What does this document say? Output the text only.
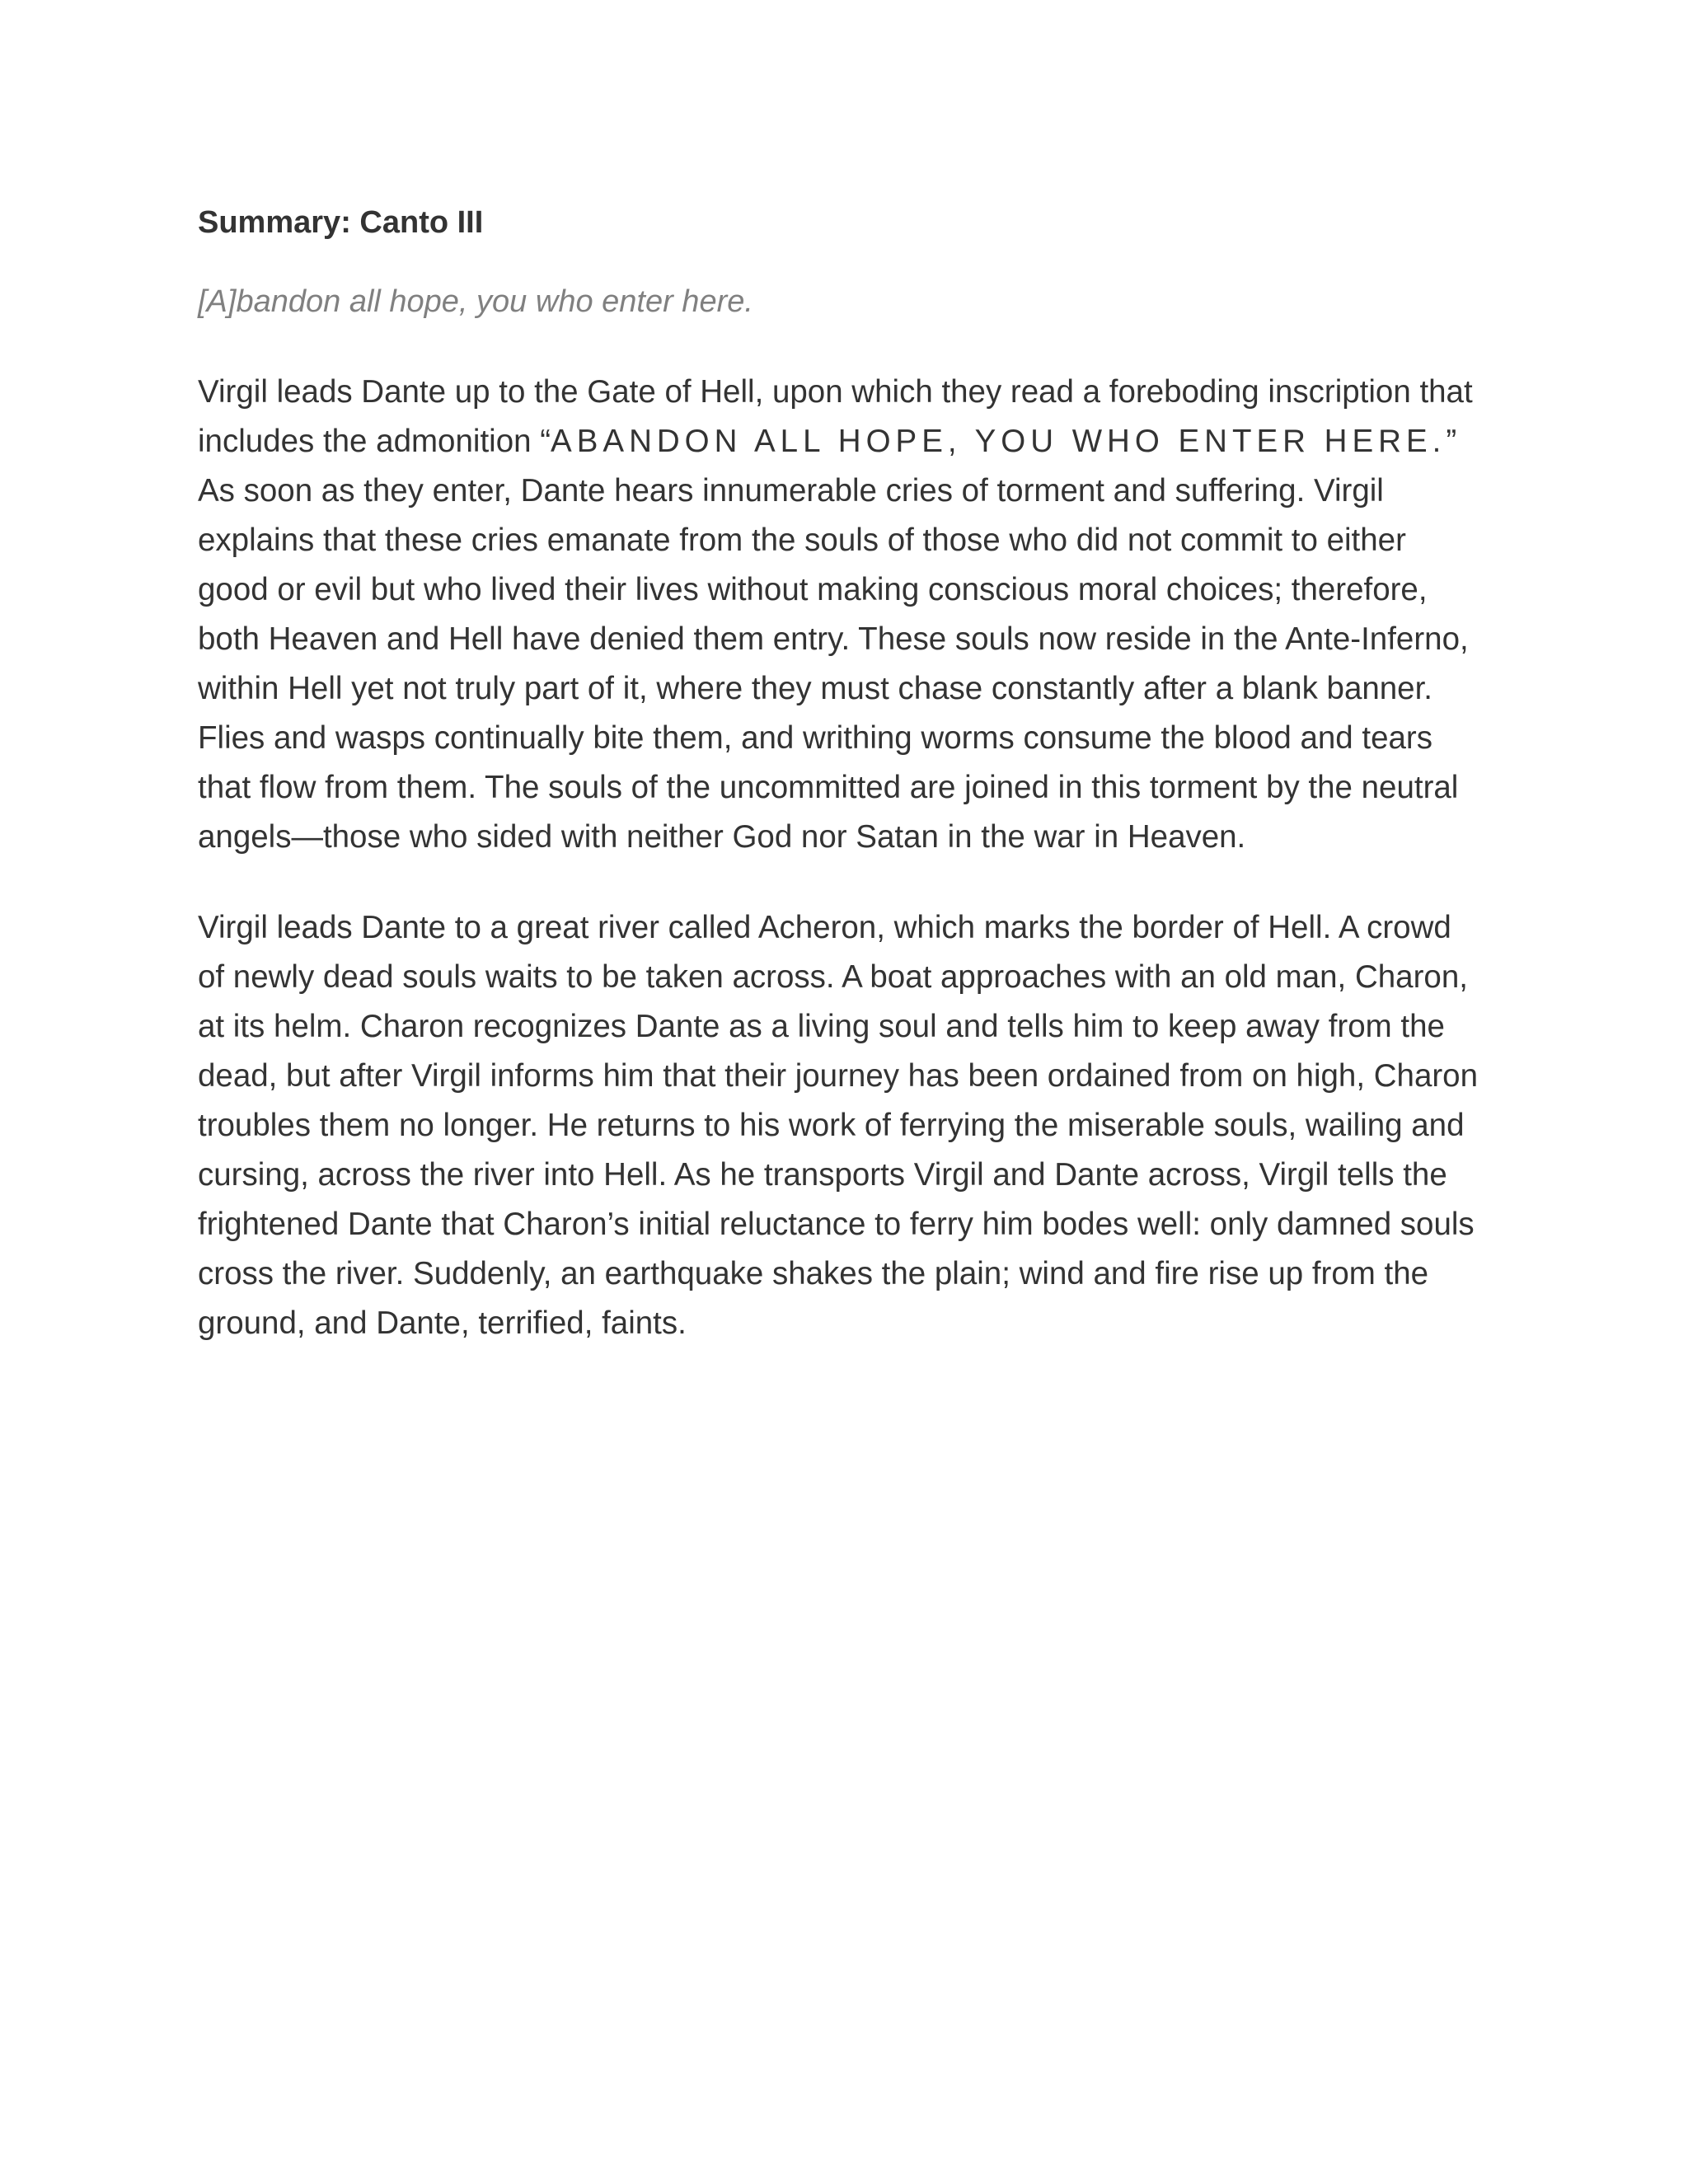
Summary: Canto III

[A]bandon all hope, you who enter here.

Virgil leads Dante up to the Gate of Hell, upon which they read a foreboding inscription that includes the admonition “ABANDON ALL HOPE, YOU WHO ENTER HERE.” As soon as they enter, Dante hears innumerable cries of torment and suffering. Virgil explains that these cries emanate from the souls of those who did not commit to either good or evil but who lived their lives without making conscious moral choices; therefore, both Heaven and Hell have denied them entry. These souls now reside in the Ante-Inferno, within Hell yet not truly part of it, where they must chase constantly after a blank banner. Flies and wasps continually bite them, and writhing worms consume the blood and tears that flow from them. The souls of the uncommitted are joined in this torment by the neutral angels—those who sided with neither God nor Satan in the war in Heaven.

Virgil leads Dante to a great river called Acheron, which marks the border of Hell. A crowd of newly dead souls waits to be taken across. A boat approaches with an old man, Charon, at its helm. Charon recognizes Dante as a living soul and tells him to keep away from the dead, but after Virgil informs him that their journey has been ordained from on high, Charon troubles them no longer. He returns to his work of ferrying the miserable souls, wailing and cursing, across the river into Hell. As he transports Virgil and Dante across, Virgil tells the frightened Dante that Charon’s initial reluctance to ferry him bodes well: only damned souls cross the river. Suddenly, an earthquake shakes the plain; wind and fire rise up from the ground, and Dante, terrified, faints.
